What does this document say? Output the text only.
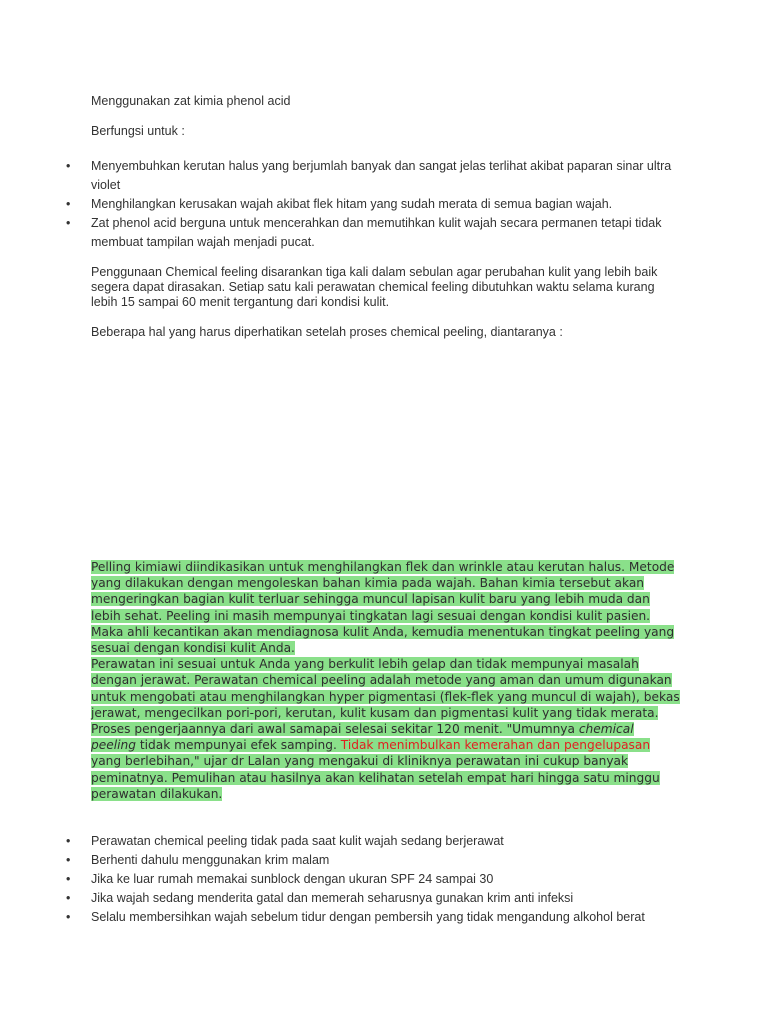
Menggunakan zat kimia phenol acid

Berfungsi untuk :

• Menyembuhkan kerutan halus yang berjumlah banyak dan sangat jelas terlihat akibat paparan sinar ultra violet
• Menghilangkan kerusakan wajah akibat flek hitam yang sudah merata di semua bagian wajah.
• Zat phenol acid berguna untuk mencerahkan dan memutihkan kulit wajah secara permanen tetapi tidak membuat tampilan wajah menjadi pucat.

Penggunaan Chemical feeling disarankan tiga kali dalam sebulan agar perubahan kulit yang lebih baik segera dapat dirasakan. Setiap satu kali perawatan chemical feeling dibutuhkan waktu selama kurang lebih 15 sampai 60 menit tergantung dari kondisi kulit.

Beberapa hal yang harus diperhatikan setelah proses chemical peeling, diantaranya :

Pelling kimiawi diindikasikan untuk menghilangkan flek dan wrinkle atau kerutan halus. Metode yang dilakukan dengan mengoleskan bahan kimia pada wajah. Bahan kimia tersebut akan mengeringkan bagian kulit terluar sehingga muncul lapisan kulit baru yang lebih muda dan lebih sehat. Peeling ini masih mempunyai tingkatan lagi sesuai dengan kondisi kulit pasien. Maka ahli kecantikan akan mendiagnosa kulit Anda, kemudia menentukan tingkat peeling yang sesuai dengan kondisi kulit Anda.
Perawatan ini sesuai untuk Anda yang berkulit lebih gelap dan tidak mempunyai masalah dengan jerawat. Perawatan chemical peeling adalah metode yang aman dan umum digunakan untuk mengobati atau menghilangkan hyper pigmentasi (flek-flek yang muncul di wajah), bekas jerawat, mengecilkan pori-pori, kerutan, kulit kusam dan pigmentasi kulit yang tidak merata.
Proses pengerjaannya dari awal samapai selesai sekitar 120 menit. "Umumnya chemical peeling tidak mempunyai efek samping. Tidak menimbulkan kemerahan dan pengelupasan yang berlebihan," ujar dr Lalan yang mengakui di kliniknya perawatan ini cukup banyak peminatnya. Pemulihan atau hasilnya akan kelihatan setelah empat hari hingga satu minggu perawatan dilakukan.
• Perawatan chemical peeling tidak pada saat kulit wajah sedang berjerawat
• Berhenti dahulu menggunakan krim malam
• Jika ke luar rumah memakai sunblock dengan ukuran SPF 24 sampai 30
• Jika wajah sedang menderita gatal dan memerah seharusnya gunakan krim anti infeksi
• Selalu membersihkan wajah sebelum tidur dengan pembersih yang tidak mengandung alkohol berat
